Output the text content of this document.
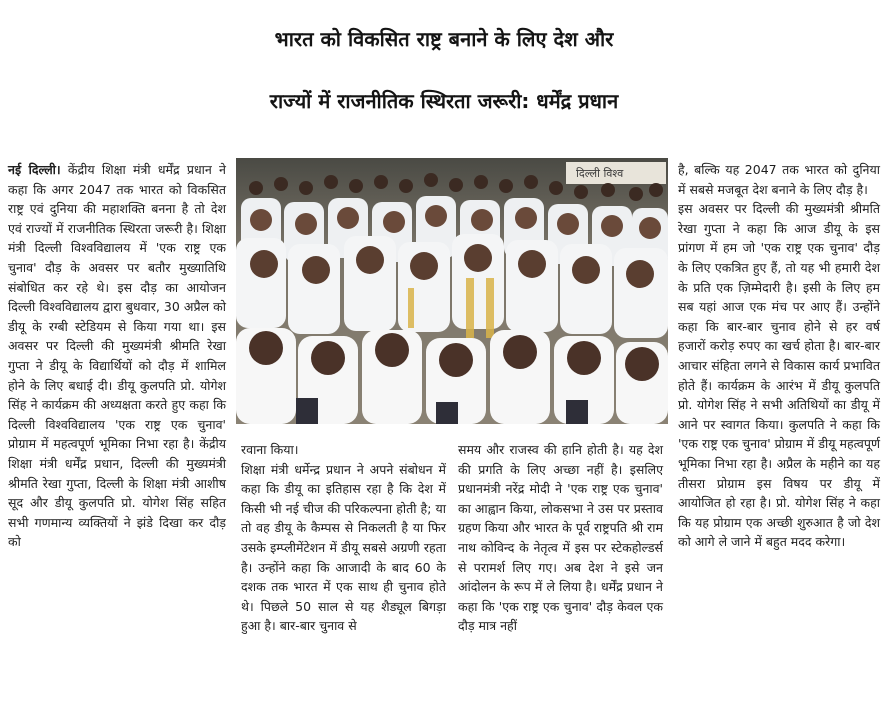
भारत को विकसित राष्ट्र बनाने के लिए देश और
राज्यों में राजनीतिक स्थिरता जरूरी: धर्मेंद्र प्रधान

नई दिल्ली। केंद्रीय शिक्षा मंत्री धर्मेंद्र प्रधान ने कहा कि अगर 2047 तक भारत को विकसित राष्ट्र एवं दुनिया की महाशक्ति बनना है तो देश एवं राज्यों में राजनीतिक स्थिरता जरूरी है। शिक्षा मंत्री दिल्ली विश्वविद्यालय में 'एक राष्ट्र एक चुनाव' दौड़ के अवसर पर बतौर मुख्यातिथि संबोधित कर रहे थे। इस दौड़ का आयोजन दिल्ली विश्वविद्यालय द्वारा बुधवार, 30 अप्रैल को डीयू के रग्बी स्टेडियम से किया गया था। इस अवसर पर दिल्ली की मुख्यमंत्री श्रीमति रेखा गुप्ता ने डीयू के विद्यार्थियों को दौड़ में शामिल होने के लिए बधाई दी। डीयू कुलपति प्रो. योगेश सिंह ने कार्यक्रम की अध्यक्षता करते हुए कहा कि दिल्ली विश्वविद्यालय 'एक राष्ट्र एक चुनाव' प्रोग्राम में महत्वपूर्ण भूमिका निभा रहा है। केंद्रीय शिक्षा मंत्री धर्मेंद्र प्रधान, दिल्ली की मुख्यमंत्री श्रीमति रेखा गुप्ता, दिल्ली के शिक्षा मंत्री आशीष सूद और डीयू कुलपति प्रो. योगेश सिंह सहित सभी गणमान्य व्यक्तियों ने झंडे दिखा कर दौड़ को

दिल्ली विश्व

रवाना किया।

शिक्षा मंत्री धर्मेन्द्र प्रधान ने अपने संबोधन में कहा कि डीयू का इतिहास रहा है कि देश में किसी भी नई चीज की परिकल्पना होती है; या तो वह डीयू के कैम्पस से निकलती है या फिर उसके इम्प्लीमेंटेशन में डीयू सबसे अग्रणी रहता है। उन्होंने कहा कि आजादी के बाद 60 के दशक तक भारत में एक साथ ही चुनाव होते थे। पिछले 50 साल से यह शैड्यूल बिगड़ा हुआ है। बार-बार चुनाव से

समय और राजस्व की हानि होती है। यह देश की प्रगति के लिए अच्छा नहीं है। इसलिए प्रधानमंत्री नरेंद्र मोदी ने 'एक राष्ट्र एक चुनाव' का आह्वान किया, लोकसभा ने उस पर प्रस्ताव ग्रहण किया और भारत के पूर्व राष्ट्रपति श्री राम नाथ कोविन्द के नेतृत्व में इस पर स्टेकहोल्डर्स से परामर्श लिए गए। अब देश ने इसे जन आंदोलन के रूप में ले लिया है। धर्मेंद्र प्रधान ने कहा कि 'एक राष्ट्र एक चुनाव' दौड़ केवल एक दौड़ मात्र नहीं

है, बल्कि यह 2047 तक भारत को दुनिया में सबसे मजबूत देश बनाने के लिए दौड़ है।

इस अवसर पर दिल्ली की मुख्यमंत्री श्रीमति रेखा गुप्ता ने कहा कि आज डीयू के इस प्रांगण में हम जो 'एक राष्ट्र एक चुनाव' दौड़ के लिए एकत्रित हुए हैं, तो यह भी हमारी देश के प्रति एक ज़िम्मेदारी है। इसी के लिए हम सब यहां आज एक मंच पर आए हैं। उन्होंने कहा कि बार-बार चुनाव होने से हर वर्ष हजारों करोड़ रुपए का खर्च होता है। बार-बार आचार संहिता लगने से विकास कार्य प्रभावित होते हैं। कार्यक्रम के आरंभ में डीयू कुलपति प्रो. योगेश सिंह ने सभी अतिथियों का डीयू में आने पर स्वागत किया। कुलपति ने कहा कि 'एक राष्ट्र एक चुनाव' प्रोग्राम में डीयू महत्वपूर्ण भूमिका निभा रहा है। अप्रैल के महीने का यह तीसरा प्रोग्राम इस विषय पर डीयू में आयोजित हो रहा है। प्रो. योगेश सिंह ने कहा कि यह प्रोग्राम एक अच्छी शुरुआत है जो देश को आगे ले जाने में बहुत मदद करेगा।
